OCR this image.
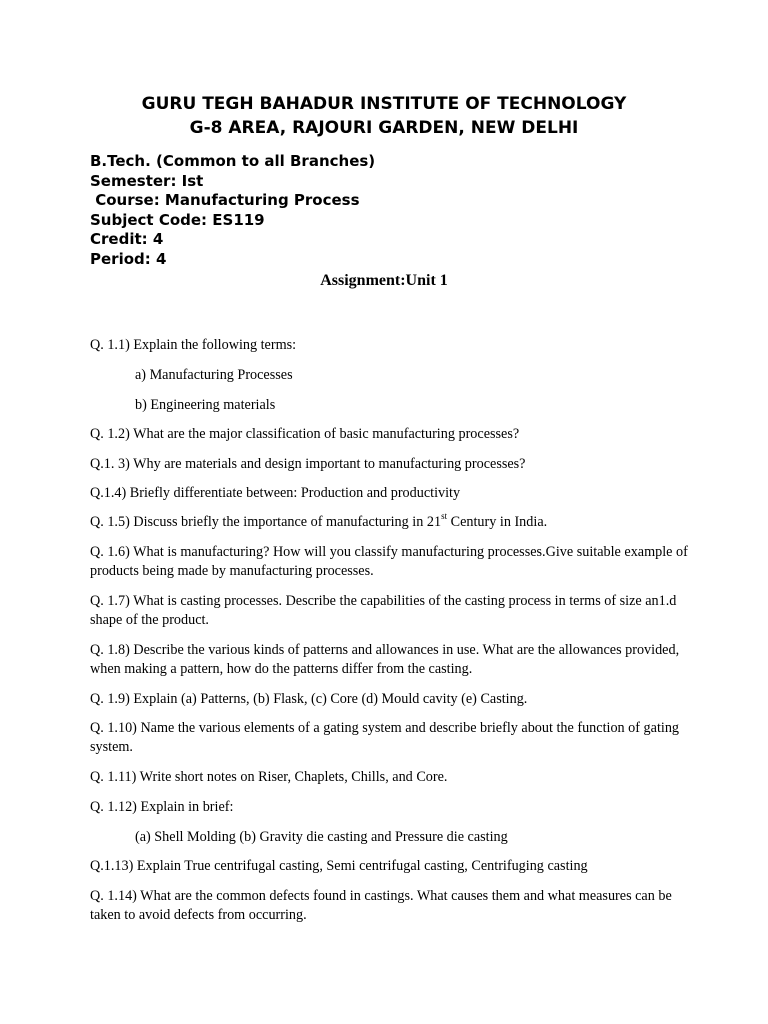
GURU TEGH BAHADUR INSTITUTE OF TECHNOLOGY
G-8 AREA, RAJOURI GARDEN, NEW DELHI
B.Tech. (Common to all Branches)
Semester: Ist
Course: Manufacturing Process
Subject Code: ES119
Credit: 4
Period: 4
Assignment:Unit 1
Q. 1.1) Explain the following terms:
a) Manufacturing Processes
b) Engineering materials
Q. 1.2) What are the major classification of basic manufacturing processes?
Q.1. 3) Why are materials and design important to manufacturing processes?
Q.1.4) Briefly differentiate between: Production and productivity
Q. 1.5) Discuss briefly the importance of manufacturing in 21st Century in India.
Q. 1.6) What is manufacturing? How will you classify manufacturing processes.Give suitable example of products being made by manufacturing processes.
Q. 1.7) What is casting processes. Describe the capabilities of the casting process in terms of size an1.d shape of the product.
Q. 1.8) Describe the various kinds of patterns and allowances in use. What are the allowances provided, when making a pattern, how do the patterns differ from the casting.
Q. 1.9) Explain (a) Patterns, (b) Flask, (c) Core (d) Mould cavity (e) Casting.
Q. 1.10) Name the various elements of a gating system and describe briefly about the function of gating system.
Q. 1.11) Write short notes on Riser, Chaplets, Chills, and Core.
Q. 1.12) Explain in brief:
(a) Shell Molding (b) Gravity die casting and Pressure die casting
Q.1.13) Explain True centrifugal casting, Semi centrifugal casting, Centrifuging casting
Q. 1.14) What are the common defects found in castings. What causes them and what measures can be taken to avoid defects from occurring.
